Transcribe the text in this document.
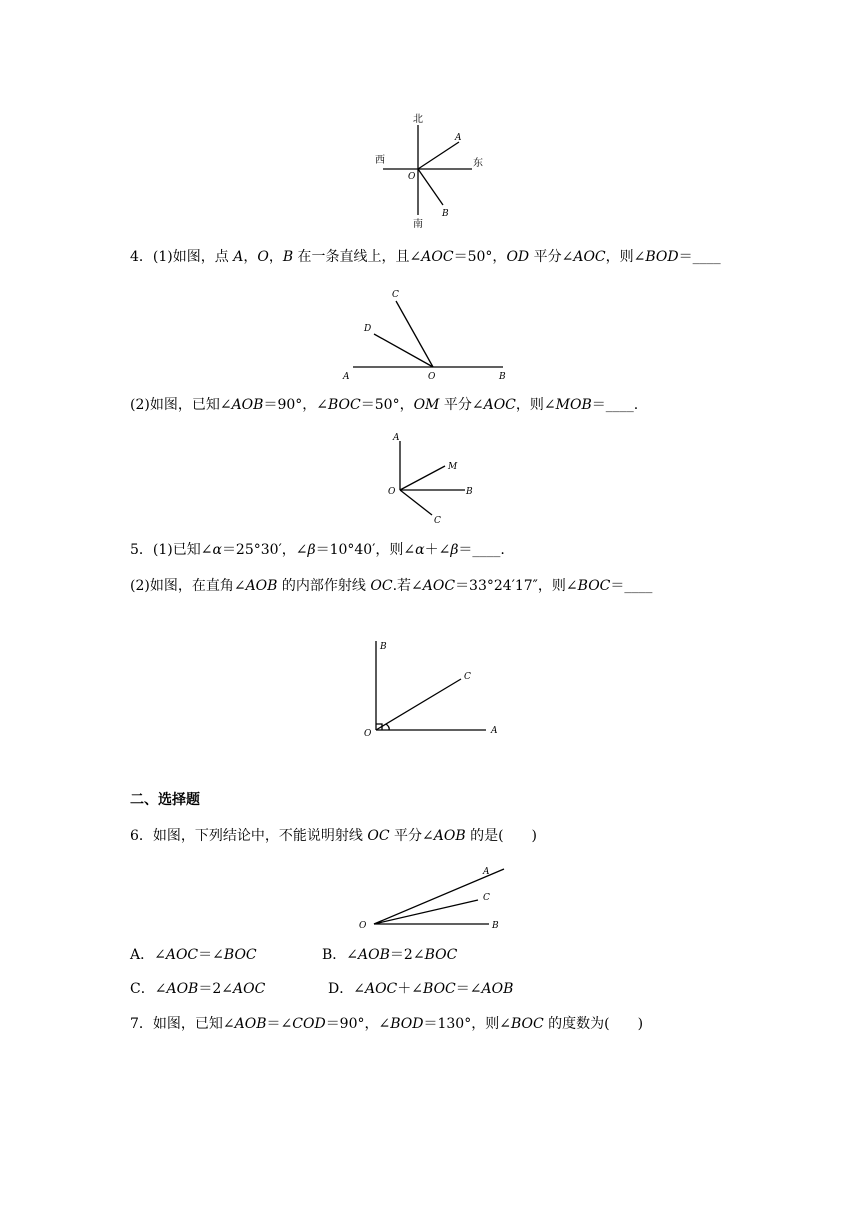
北
南
西	东
O
A
B
4．(1)如图，点 A，O，B 在一条直线上，且∠AOC＝50°，OD 平分∠AOC，则∠BOD＝____
C
D
A	O	B
(2)如图，已知∠AOB＝90°，∠BOC＝50°，OM 平分∠AOC，则∠MOB＝____.
A
M
O	B
C
5．(1)已知∠α＝25°30′，∠β＝10°40′，则∠α＋∠β＝____.
(2)如图，在直角∠AOB 的内部作射线 OC.若∠AOC＝33°24′17″，则∠BOC＝____
B
C
O	A
二、选择题
6．如图，下列结论中，不能说明射线 OC 平分∠AOB 的是(　　)
O
A
C
B
A．∠AOC＝∠BOC	B．∠AOB＝2∠BOC
C．∠AOB＝2∠AOC	D．∠AOC＋∠BOC＝∠AOB
7．如图，已知∠AOB＝∠COD＝90°，∠BOD＝130°，则∠BOC 的度数为(　　)
